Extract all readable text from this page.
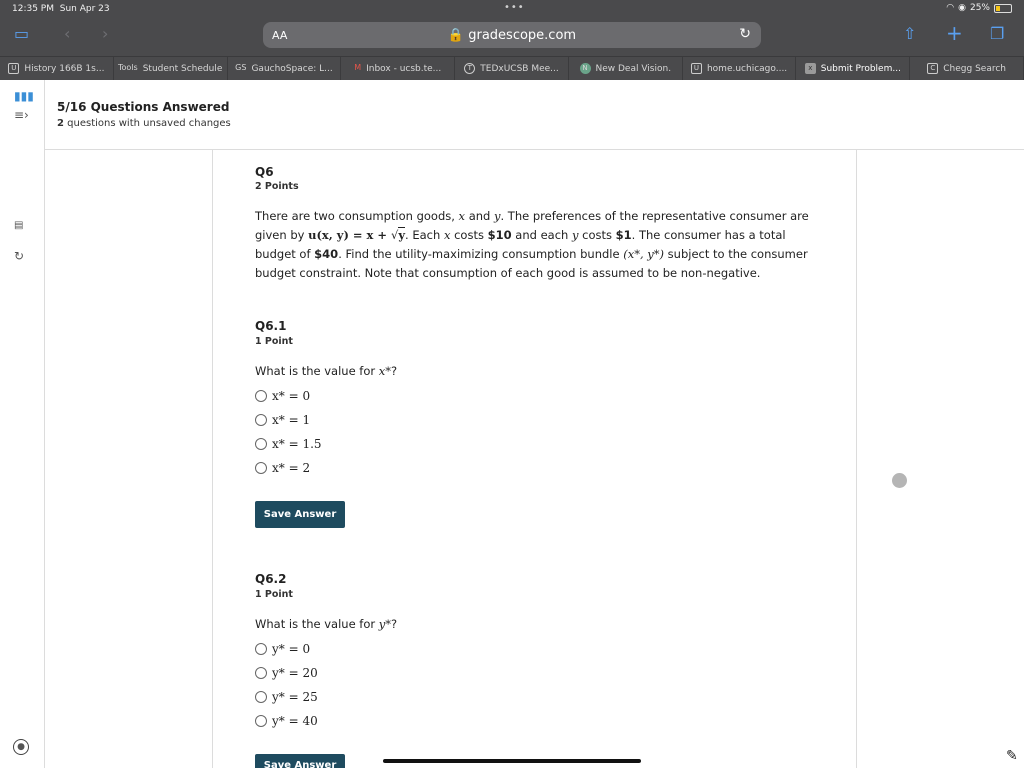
12:35 PM Sun Apr 23	•••	◠ ◉ 25%
▭ ‹ ›	AA	🔒 gradescope.com	↻	⇧ + ❐
U History 166B 1s... Tools Student Schedule GS GauchoSpace: L...	M Inbox - ucsb.te...	T TEDxUCSB Mee...	N New Deal Vision.	U home.uchicago....	x Submit Problem...	C Chegg Search
▮▮▮
≡›
▤
↻
●
5/16 Questions Answered
2 questions with unsaved changes
Q6
2 Points
There are two consumption goods, x and y. The preferences of the representative consumer are given by u(x, y) = x + √y. Each x costs $10 and each y costs $1. The consumer has a total budget of $40. Find the utility-maximizing consumption bundle (x*, y*) subject to the consumer budget constraint. Note that consumption of each good is assumed to be non-negative.
Q6.1
1 Point
What is the value for x*?
x* = 0
x* = 1
x* = 1.5
x* = 2
Save Answer
Q6.2
1 Point
What is the value for y*?
y* = 0
y* = 20
y* = 25
y* = 40
Save Answer
✎
